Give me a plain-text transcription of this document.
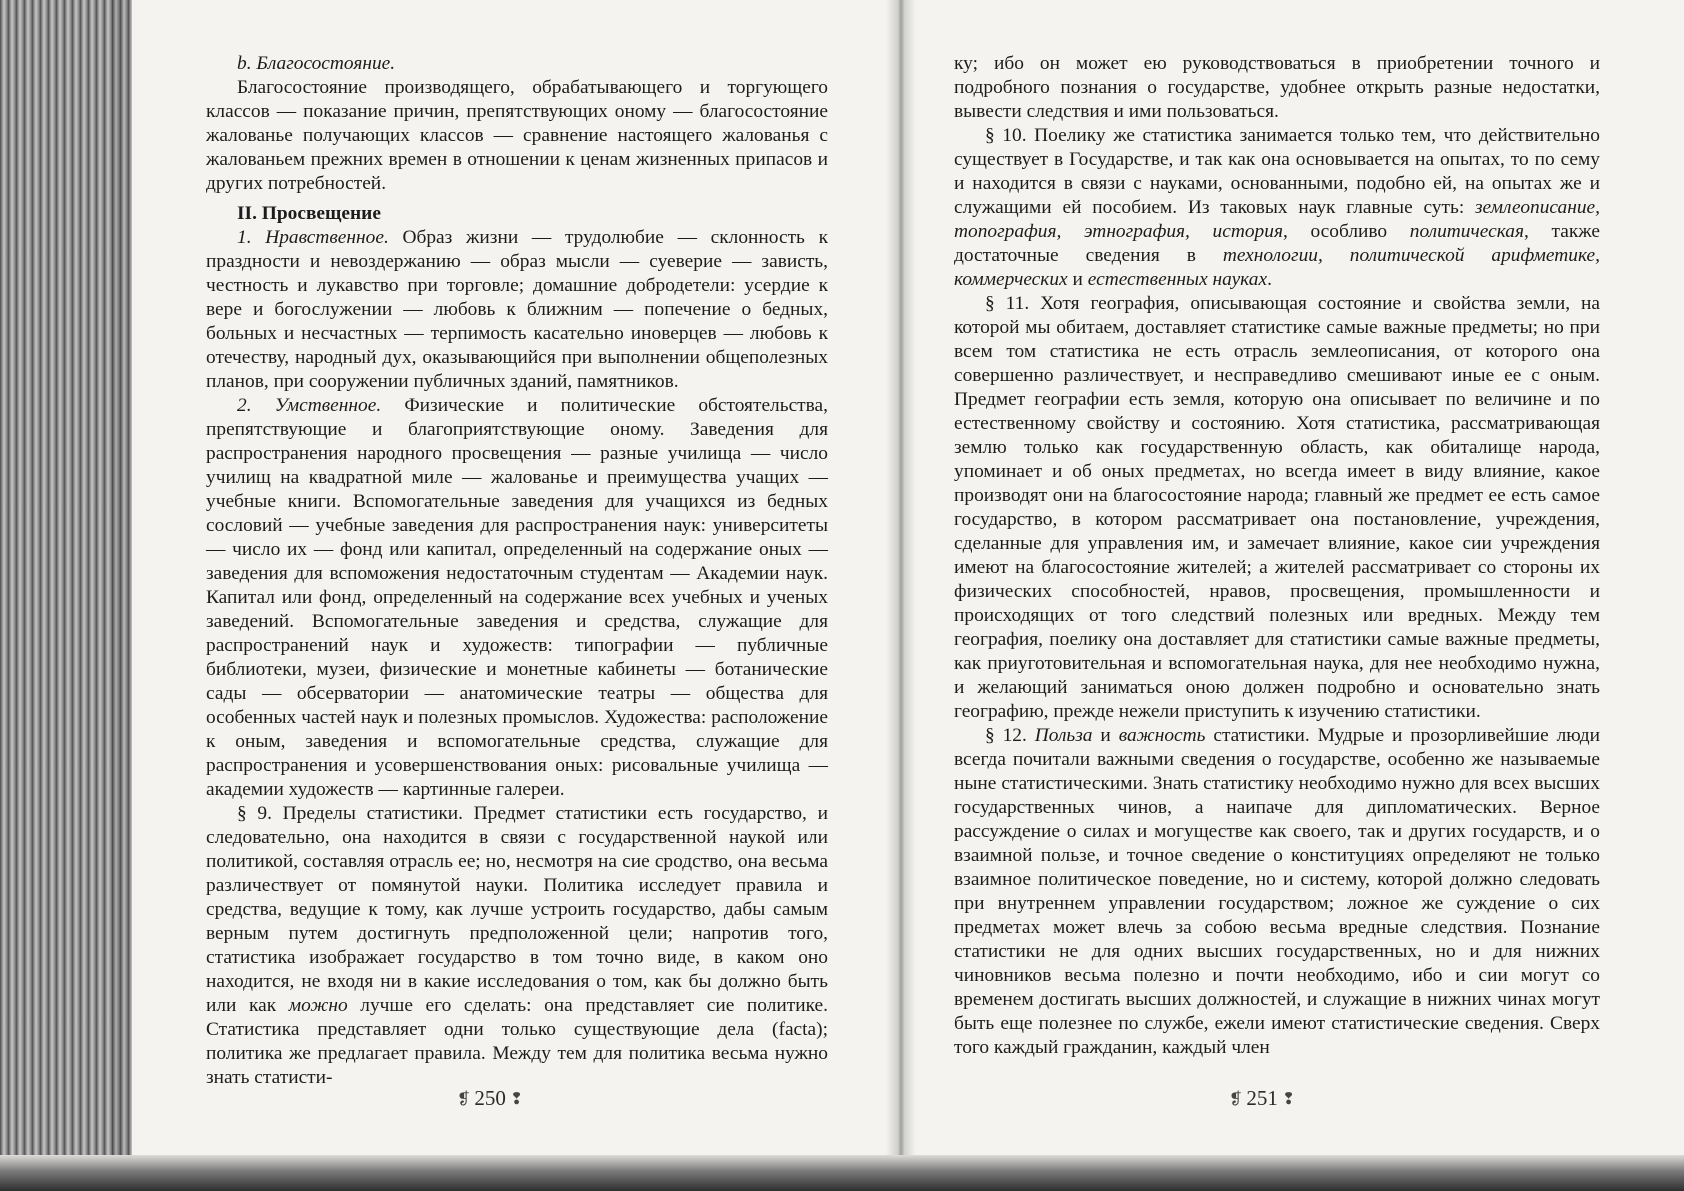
b. Благосостояние.

Благосостояние производящего, обрабатывающего и торгующего классов — показание причин, препятствующих оному — благосостояние жалованье получающих классов — сравнение настоящего жалованья с жалованьем прежних времен в отношении к ценам жизненных припасов и других потребностей.

II. Просвещение

1. Нравственное. Образ жизни — трудолюбие — склонность к праздности и невоздержанию — образ мысли — суеверие — зависть, честность и лукавство при торговле; домашние добродетели: усердие к вере и богослужении — любовь к ближним — попечение о бедных, больных и несчастных — терпимость касательно иноверцев — любовь к отечеству, народный дух, оказывающийся при выполнении общеполезных планов, при сооружении публичных зданий, памятников.

2. Умственное. Физические и политические обстоятельства, препятствующие и благоприятствующие оному. Заведения для распространения народного просвещения — разные училища — число училищ на квадратной миле — жалованье и преимущества учащих — учебные книги. Вспомогательные заведения для учащихся из бедных сословий — учебные заведения для распространения наук: университеты — число их — фонд или капитал, определенный на содержание оных — заведения для вспоможения недостаточным студентам — Академии наук. Капитал или фонд, определенный на содержание всех учебных и ученых заведений. Вспомогательные заведения и средства, служащие для распространений наук и художеств: типографии — публичные библиотеки, музеи, физические и монетные кабинеты — ботанические сады — обсерватории — анатомические театры — общества для особенных частей наук и полезных промыслов. Художества: расположение к оным, заведения и вспомогательные средства, служащие для распространения и усовершенствования оных: рисовальные училища — академии художеств — картинные галереи.

§ 9. Пределы статистики. Предмет статистики есть государство, и следовательно, она находится в связи с государственной наукой или политикой, составляя отрасль ее; но, несмотря на сие сродство, она весьма различествует от помянутой науки. Политика исследует правила и средства, ведущие к тому, как лучше устроить государство, дабы самым верным путем достигнуть предположенной цели; напротив того, статистика изображает государство в том точно виде, в каком оно находится, не входя ни в какие исследования о том, как бы должно быть или как можно лучше его сделать: она представляет сие политике. Статистика представляет одни только существующие дела (facta); политика же предлагает правила. Между тем для политика весьма нужно знать статисти-

❡ 250 ❢

ку; ибо он может ею руководствоваться в приобретении точного и подробного познания о государстве, удобнее открыть разные недостатки, вывести следствия и ими пользоваться.

§ 10. Поелику же статистика занимается только тем, что действительно существует в Государстве, и так как она основывается на опытах, то по сему и находится в связи с науками, основанными, подобно ей, на опытах же и служащими ей пособием. Из таковых наук главные суть: землеописание, топография, этнография, история, особливо политическая, также достаточные сведения в технологии, политической арифметике, коммерческих и естественных науках.

§ 11. Хотя география, описывающая состояние и свойства земли, на которой мы обитаем, доставляет статистике самые важные предметы; но при всем том статистика не есть отрасль землеописания, от которого она совершенно различествует, и несправедливо смешивают иные ее с оным. Предмет географии есть земля, которую она описывает по величине и по естественному свойству и состоянию. Хотя статистика, рассматривающая землю только как государственную область, как обиталище народа, упоминает и об оных предметах, но всегда имеет в виду влияние, какое производят они на благосостояние народа; главный же предмет ее есть самое государство, в котором рассматривает она постановление, учреждения, сделанные для управления им, и замечает влияние, какое сии учреждения имеют на благосостояние жителей; а жителей рассматривает со стороны их физических способностей, нравов, просвещения, промышленности и происходящих от того следствий полезных или вредных. Между тем география, поелику она доставляет для статистики самые важные предметы, как приуготовительная и вспомогательная наука, для нее необходимо нужна, и желающий заниматься оною должен подробно и основательно знать географию, прежде нежели приступить к изучению статистики.

§ 12. Польза и важность статистики. Мудрые и прозорливейшие люди всегда почитали важными сведения о государстве, особенно же называемые ныне статистическими. Знать статистику необходимо нужно для всех высших государственных чинов, а наипаче для дипломатических. Верное рассуждение о силах и могуществе как своего, так и других государств, и о взаимной пользе, и точное сведение о конституциях определяют не только взаимное политическое поведение, но и систему, которой должно следовать при внутреннем управлении государством; ложное же суждение о сих предметах может влечь за собою весьма вредные следствия. Познание статистики не для одних высших государственных, но и для нижних чиновников весьма полезно и почти необходимо, ибо и сии могут со временем достигать высших должностей, и служащие в нижних чинах могут быть еще полезнее по службе, ежели имеют статистические сведения. Сверх того каждый гражданин, каждый член

❡ 251 ❢
